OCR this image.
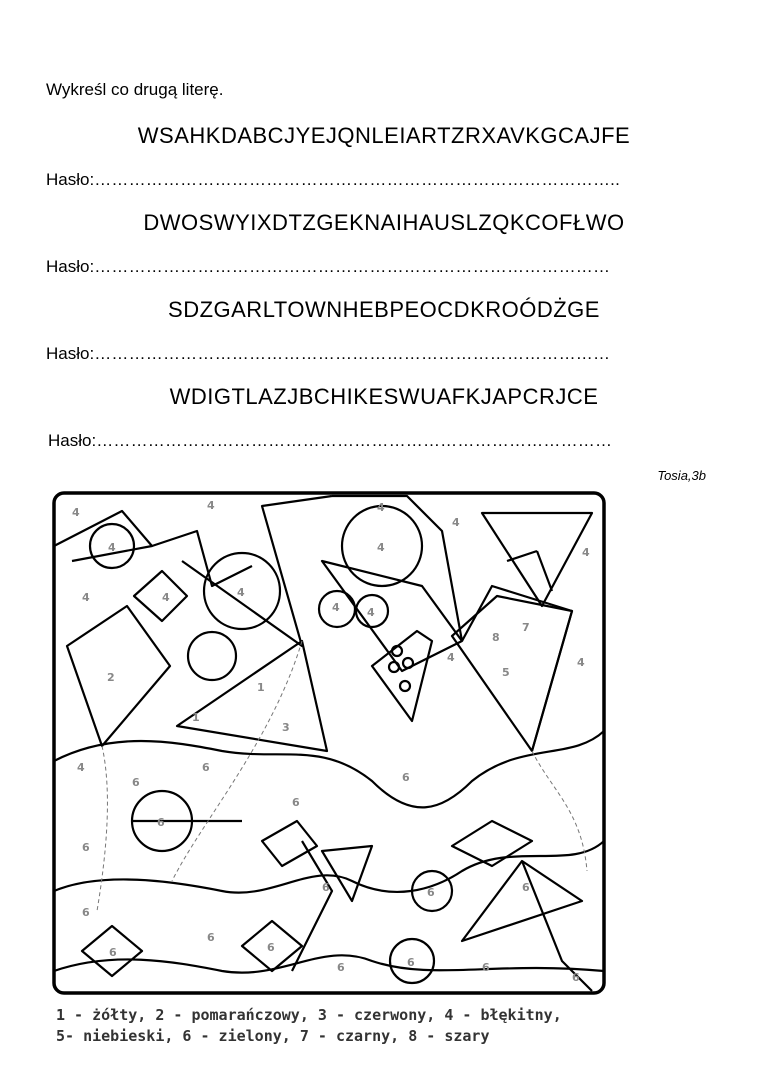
Wykreśl co drugą literę.
WSAHKDABCJYEJQNLEIARTZRXAVKGCAJFE
Hasło:………………………………………………………………………………..
DWOSWYIXDTZGEKNAIHAUSLZQKCOFŁWO
Hasło:………………………………………………………………………………
SDZGARLTOWNHEBPEOCDKROÓDŻGE
Hasło:………………………………………………………………………………
WDIGTLAZJBCHIKESWUAFKJAPCRJCE
Hasło:………………………………………………………………………………
Tosia,3b
4
4
4
4	4
4
4
4
4
4
4 4
4	4
4
1
1
3
2
8
7
5
6
6
6
6
6
6
6	6	6
6
6
6	6
6	6	6
6
1 - żółty, 2 - pomarańczowy, 3 - czerwony, 4 - błękitny,
5- niebieski, 6 - zielony, 7 - czarny, 8 - szary
